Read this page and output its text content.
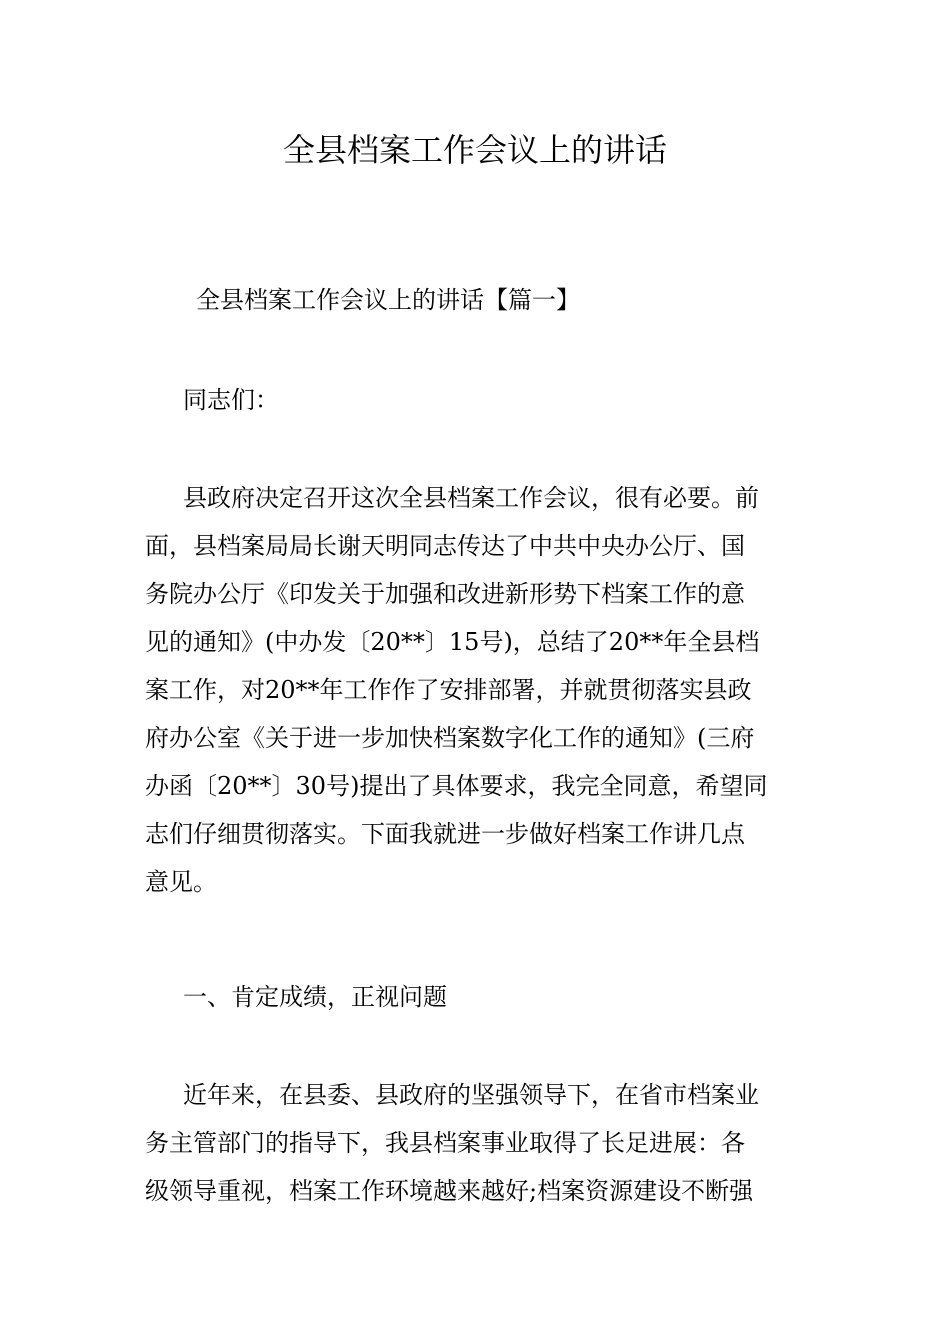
全县档案工作会议上的讲话

全县档案工作会议上的讲话【篇一】

同志们：
县政府决定召开这次全县档案工作会议，很有必要。前
面，县档案局局长谢天明同志传达了中共中央办公厅、国
务院办公厅《印发关于加强和改进新形势下档案工作的意
见的通知》(中办发〔20**〕15号)，总结了20**年全县档
案工作，对20**年工作作了安排部署，并就贯彻落实县政
府办公室《关于进一步加快档案数字化工作的通知》(三府
办函〔20**〕30号)提出了具体要求，我完全同意，希望同
志们仔细贯彻落实。下面我就进一步做好档案工作讲几点
意见。
一、肯定成绩，正视问题
近年来，在县委、县政府的坚强领导下，在省市档案业
务主管部门的指导下，我县档案事业取得了长足进展：各
级领导重视，档案工作环境越来越好;档案资源建设不断强
